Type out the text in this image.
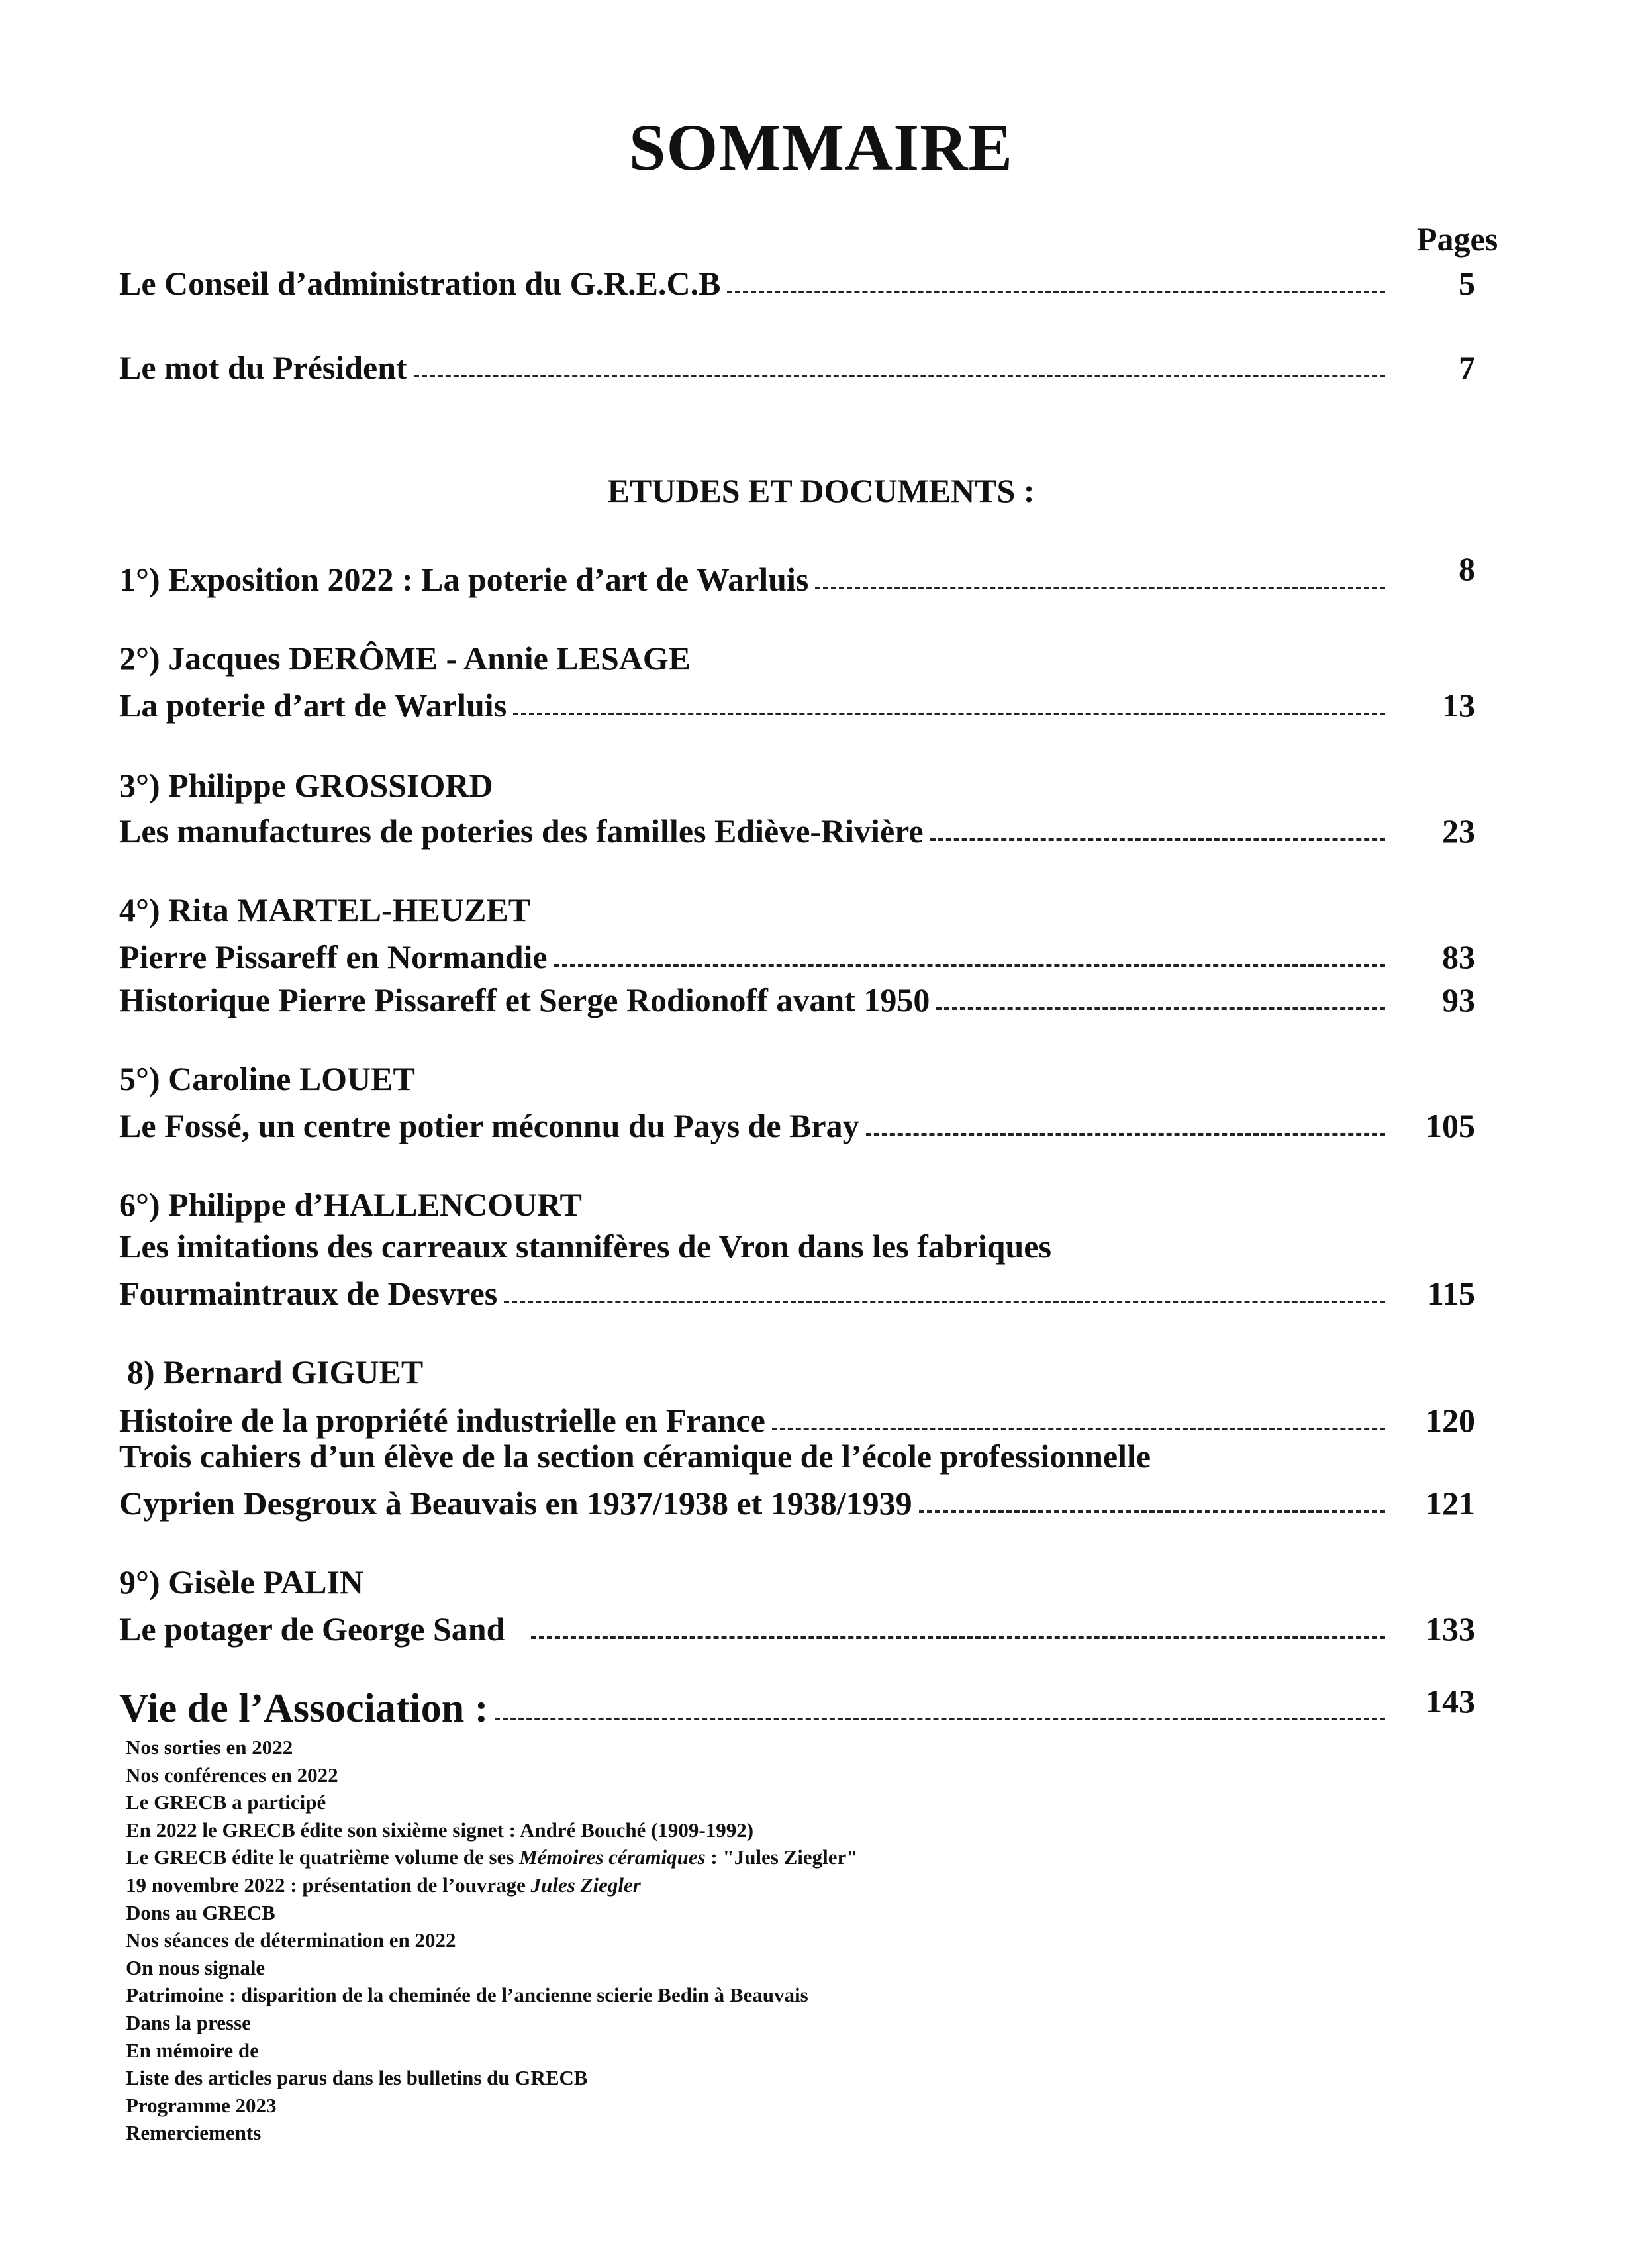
SOMMAIRE
Pages
Le Conseil d’administration du G.R.E.C.B	5
Le mot du Président	7
ETUDES ET DOCUMENTS :
1°) Exposition 2022 : La poterie d’art de Warluis	8
2°) Jacques DERÔME - Annie LESAGE
La poterie d’art de Warluis	13
3°) Philippe GROSSIORD
Les manufactures de poteries des familles Ediève-Rivière	23
4°) Rita MARTEL-HEUZET
Pierre Pissareff en Normandie	83
Historique Pierre Pissareff et Serge Rodionoff avant 1950	93
5°) Caroline LOUET
Le Fossé, un centre potier méconnu du Pays de Bray	105
6°) Philippe d’HALLENCOURT
Les imitations des carreaux stannifères de Vron dans les fabriques
Fourmaintraux de Desvres	115
8) Bernard GIGUET
Histoire de la propriété industrielle en France	120
Trois cahiers d’un élève de la section céramique de l’école professionnelle
Cyprien Desgroux à Beauvais en 1937/1938 et 1938/1939	121
9°) Gisèle PALIN
Le potager de George Sand	133
Vie de l’Association :	143
Nos sorties en 2022
Nos conférences en 2022
Le GRECB a participé
En 2022 le GRECB édite son sixième signet : André Bouché (1909-1992)
Le GRECB édite le quatrième volume de ses Mémoires céramiques : "Jules Ziegler"
19 novembre 2022 : présentation de l’ouvrage Jules Ziegler
Dons au GRECB
Nos séances de détermination en 2022
On nous signale
Patrimoine : disparition de la cheminée de l’ancienne scierie Bedin à Beauvais
Dans la presse
En mémoire de
Liste des articles parus dans les bulletins du GRECB
Programme 2023
Remerciements
